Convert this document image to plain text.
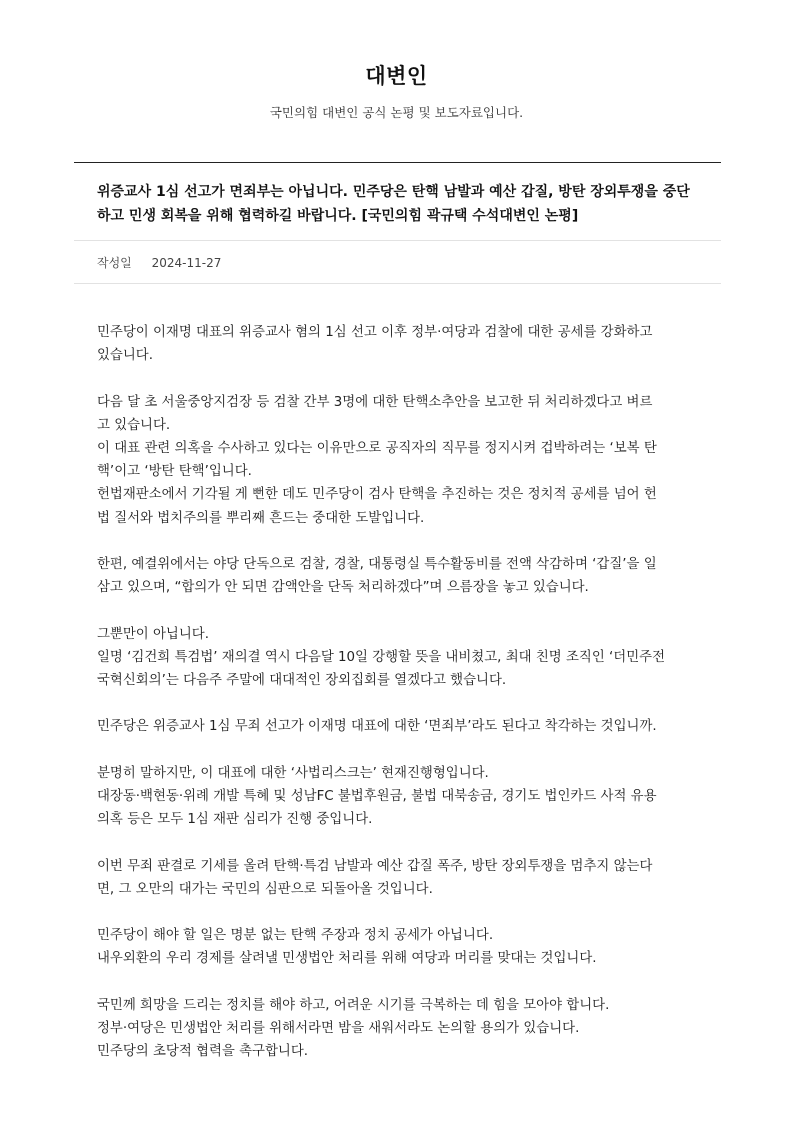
대변인
국민의힘 대변인 공식 논평 및 보도자료입니다.
위증교사 1심 선고가 면죄부는 아닙니다. 민주당은 탄핵 남발과 예산 갑질, 방탄 장외투쟁을 중단
하고 민생 회복을 위해 협력하길 바랍니다. [국민의힘 곽규택 수석대변인 논평]
작성일 2024-11-27

민주당이 이재명 대표의 위증교사 혐의 1심 선고 이후 정부·여당과 검찰에 대한 공세를 강화하고

있습니다.

다음 달 초 서울중앙지검장 등 검찰 간부 3명에 대한 탄핵소추안을 보고한 뒤 처리하겠다고 벼르

고 있습니다.

이 대표 관련 의혹을 수사하고 있다는 이유만으로 공직자의 직무를 정지시켜 겁박하려는 ‘보복 탄

핵’이고 ‘방탄 탄핵’입니다.

헌법재판소에서 기각될 게 뻔한 데도 민주당이 검사 탄핵을 추진하는 것은 정치적 공세를 넘어 헌

법 질서와 법치주의를 뿌리째 흔드는 중대한 도발입니다.

한편, 예결위에서는 야당 단독으로 검찰, 경찰, 대통령실 특수활동비를 전액 삭감하며 ‘갑질’을 일

삼고 있으며, “합의가 안 되면 감액안을 단독 처리하겠다”며 으름장을 놓고 있습니다.

그뿐만이 아닙니다.

일명 ‘김건희 특검법’ 재의결 역시 다음달 10일 강행할 뜻을 내비쳤고, 최대 친명 조직인 ‘더민주전

국혁신회의’는 다음주 주말에 대대적인 장외집회를 열겠다고 했습니다.

민주당은 위증교사 1심 무죄 선고가 이재명 대표에 대한 ‘면죄부’라도 된다고 착각하는 것입니까.

분명히 말하지만, 이 대표에 대한 ‘사법리스크는’ 현재진행형입니다.

대장동·백현동·위례 개발 특혜 및 성남FC 불법후원금, 불법 대북송금, 경기도 법인카드 사적 유용

의혹 등은 모두 1심 재판 심리가 진행 중입니다.

이번 무죄 판결로 기세를 올려 탄핵·특검 남발과 예산 갑질 폭주, 방탄 장외투쟁을 멈추지 않는다

면, 그 오만의 대가는 국민의 심판으로 되돌아올 것입니다.

민주당이 해야 할 일은 명분 없는 탄핵 주장과 정치 공세가 아닙니다.

내우외환의 우리 경제를 살려낼 민생법안 처리를 위해 여당과 머리를 맞대는 것입니다.

국민께 희망을 드리는 정치를 해야 하고, 어려운 시기를 극복하는 데 힘을 모아야 합니다.

정부·여당은 민생법안 처리를 위해서라면 밤을 새워서라도 논의할 용의가 있습니다.

민주당의 초당적 협력을 촉구합니다.
